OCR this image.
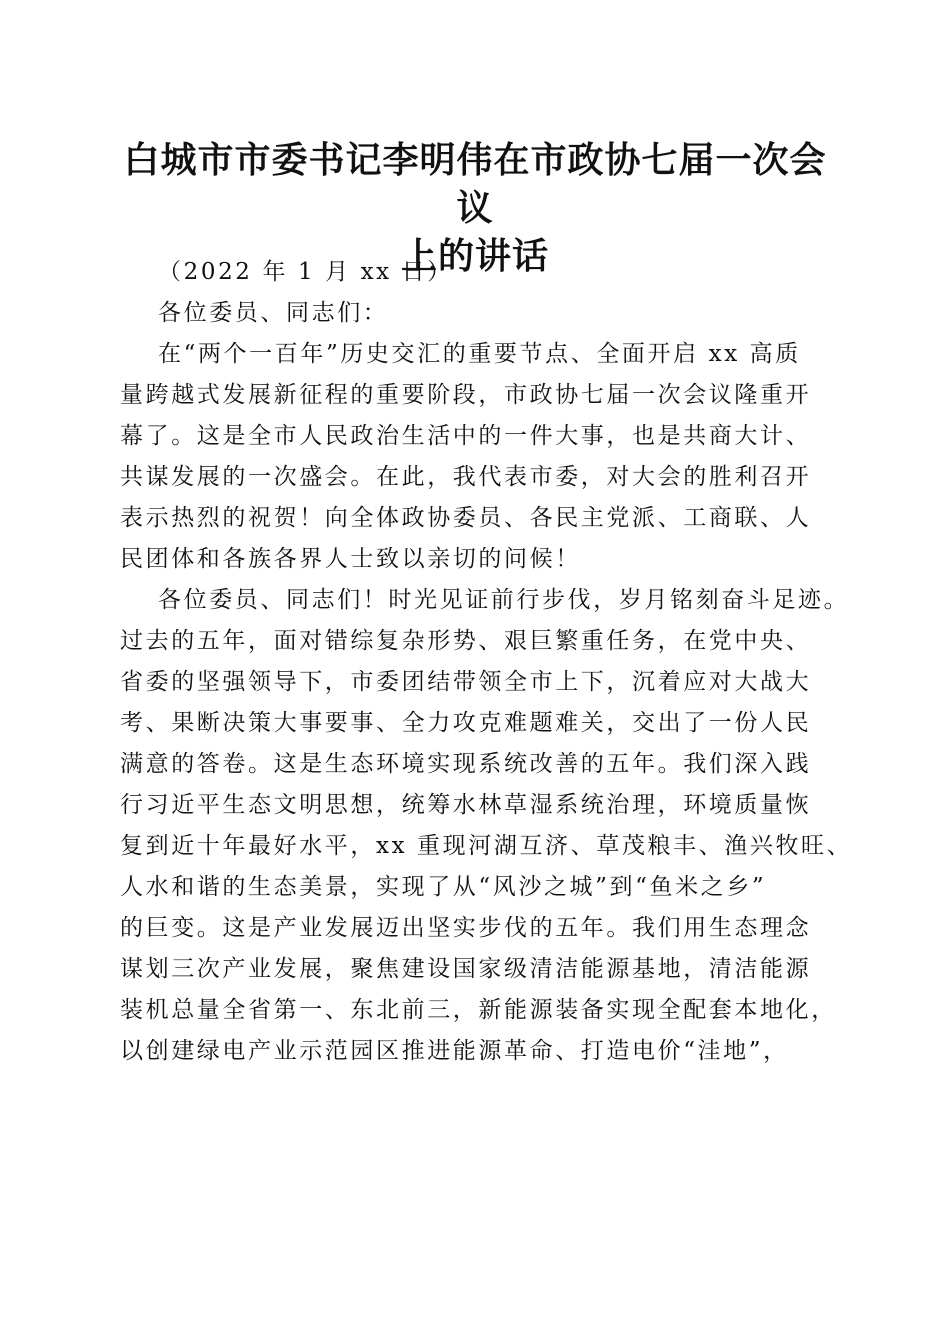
白城市市委书记李明伟在市政协七届一次会议
上的讲话
（2022 年 1 月 xx 日）
各位委员、同志们：
在“两个一百年”历史交汇的重要节点、全面开启 xx 高质
量跨越式发展新征程的重要阶段，市政协七届一次会议隆重开
幕了。这是全市人民政治生活中的一件大事，也是共商大计、
共谋发展的一次盛会。在此，我代表市委，对大会的胜利召开
表示热烈的祝贺！向全体政协委员、各民主党派、工商联、人
民团体和各族各界人士致以亲切的问候！
各位委员、同志们！时光见证前行步伐，岁月铭刻奋斗足迹。
过去的五年，面对错综复杂形势、艰巨繁重任务，在党中央、
省委的坚强领导下，市委团结带领全市上下，沉着应对大战大
考、果断决策大事要事、全力攻克难题难关，交出了一份人民
满意的答卷。这是生态环境实现系统改善的五年。我们深入践
行习近平生态文明思想，统筹水林草湿系统治理，环境质量恢
复到近十年最好水平，xx 重现河湖互济、草茂粮丰、渔兴牧旺、
人水和谐的生态美景，实现了从“风沙之城”到“鱼米之乡”
的巨变。这是产业发展迈出坚实步伐的五年。我们用生态理念
谋划三次产业发展，聚焦建设国家级清洁能源基地，清洁能源
装机总量全省第一、东北前三，新能源装备实现全配套本地化，
以创建绿电产业示范园区推进能源革命、打造电价“洼地”，
